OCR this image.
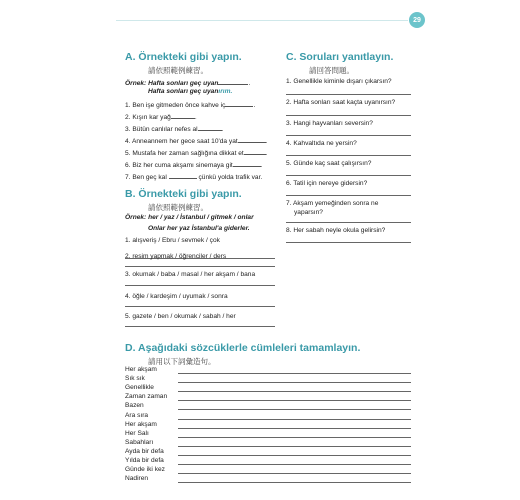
29
A. Örnekteki gibi yapın.
請依照範例練習。
Örnek: Hafta sonları geç uyan	.
Hafta sonları geç uyanırım.
1. Ben işe gitmeden önce kahve iç	.
2. Kışın kar yağ	.
3. Bütün canlılar nefes al	.
4. Anneannem her gece saat 10'da yat	.
5. Mustafa her zaman sağlığına dikkat et	.
6. Biz her cuma akşamı sinemaya git	.
7. Ben geç kal	çünkü yolda trafik var.
B. Örnekteki gibi yapın.
請依照範例練習。
Örnek: her / yaz / İstanbul / gitmek / onlar
Onlar her yaz İstanbul'a giderler.
1. alışveriş / Ebru / sevmek / çok
2. resim yapmak / öğrenciler / ders
3. okumak / baba / masal / her akşam / bana
4. öğle / kardeşim / uyumak / sonra
5. gazete / ben / okumak / sabah / her
C. Soruları yanıtlayın.
請回答問題。
1. Genellikle kiminle dışarı çıkarsın?
2. Hafta sonları saat kaçta uyanırsın?
3. Hangi hayvanları seversin?
4. Kahvaltıda ne yersin?
5. Günde kaç saat çalışırsın?
6. Tatil için nereye gidersin?
7. Akşam yemeğinden sonra ne
yaparsın?
8. Her sabah neyle okula gelirsin?
D. Aşağıdaki sözcüklerle cümleleri tamamlayın.
請用以下詞彙造句。
Her akşam
Sık sık
Genellikle
Zaman zaman
Bazen
Ara sıra
Her akşam
Her Salı
Sabahları
Ayda bir defa
Yılda bir defa
Günde iki kez
Nadiren
